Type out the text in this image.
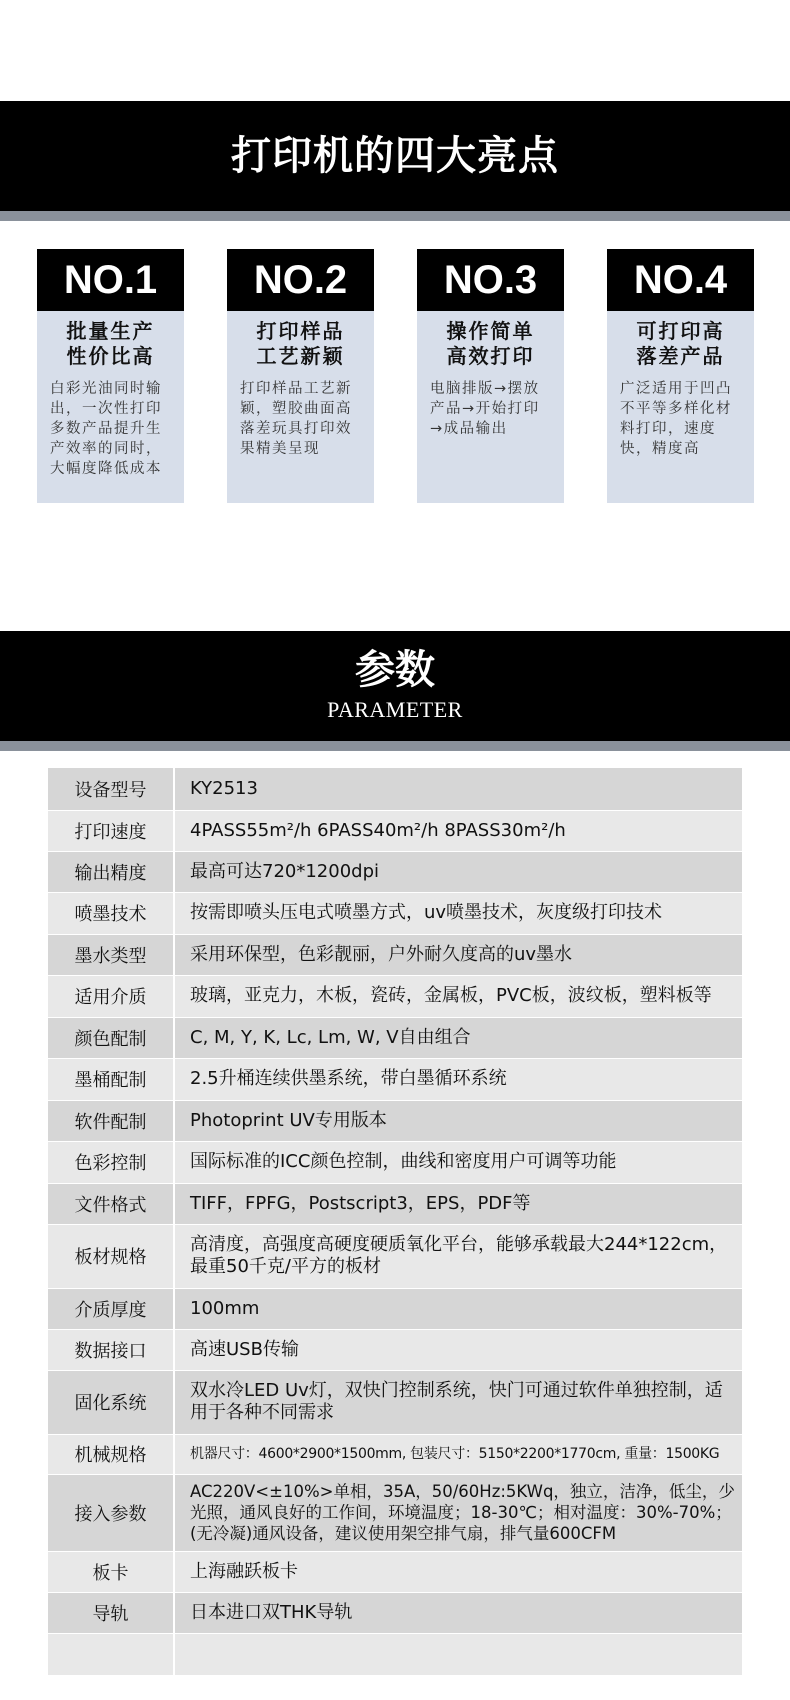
打印机的四大亮点
NO.1
批量生产
性价比高
白彩光油同时输出，一次性打印多数产品提升生产效率的同时，大幅度降低成本
NO.2
打印样品
工艺新颖
打印样品工艺新颖，塑胶曲面高落差玩具打印效果精美呈现
NO.3
操作简单
高效打印
电脑排版→摆放产品→开始打印→成品输出
NO.4
可打印高
落差产品
广泛适用于凹凸不平等多样化材料打印，速度快，精度高
参数
PARAMETER
设备型号	KY2513
打印速度	4PASS55m²/h 6PASS40m²/h 8PASS30m²/h
输出精度	最高可达720*1200dpi
喷墨技术	按需即喷头压电式喷墨方式，uv喷墨技术，灰度级打印技术
墨水类型	采用环保型，色彩靓丽，户外耐久度高的uv墨水
适用介质	玻璃，亚克力，木板，瓷砖，金属板，PVC板，波纹板，塑料板等
颜色配制	C, M, Y, K, Lc, Lm, W, V自由组合
墨桶配制	2.5升桶连续供墨系统，带白墨循环系统
软件配制	Photoprint UV专用版本
色彩控制	国际标准的ICC颜色控制，曲线和密度用户可调等功能
文件格式	TIFF，FPFG，Postscript3，EPS，PDF等
板材规格	高清度，高强度高硬度硬质氧化平台，能够承载最大244*122cm，最重50千克/平方的板材
介质厚度	100mm
数据接口	高速USB传输
固化系统	双水冷LED Uv灯，双快门控制系统，快门可通过软件单独控制，适用于各种不同需求
机械规格	机器尺寸：4600*2900*1500mm, 包装尺寸：5150*2200*1770cm, 重量：1500KG
接入参数	AC220V<±10%>单相，35A，50/60Hz:5KWq，独立，洁净，低尘，少光照，通风良好的工作间，环境温度；18-30℃；相对温度：30%-70%；(无冷凝)通风设备，建议使用架空排气扇，排气量600CFM
板卡	上海融跃板卡
导轨	日本进口双THK导轨
